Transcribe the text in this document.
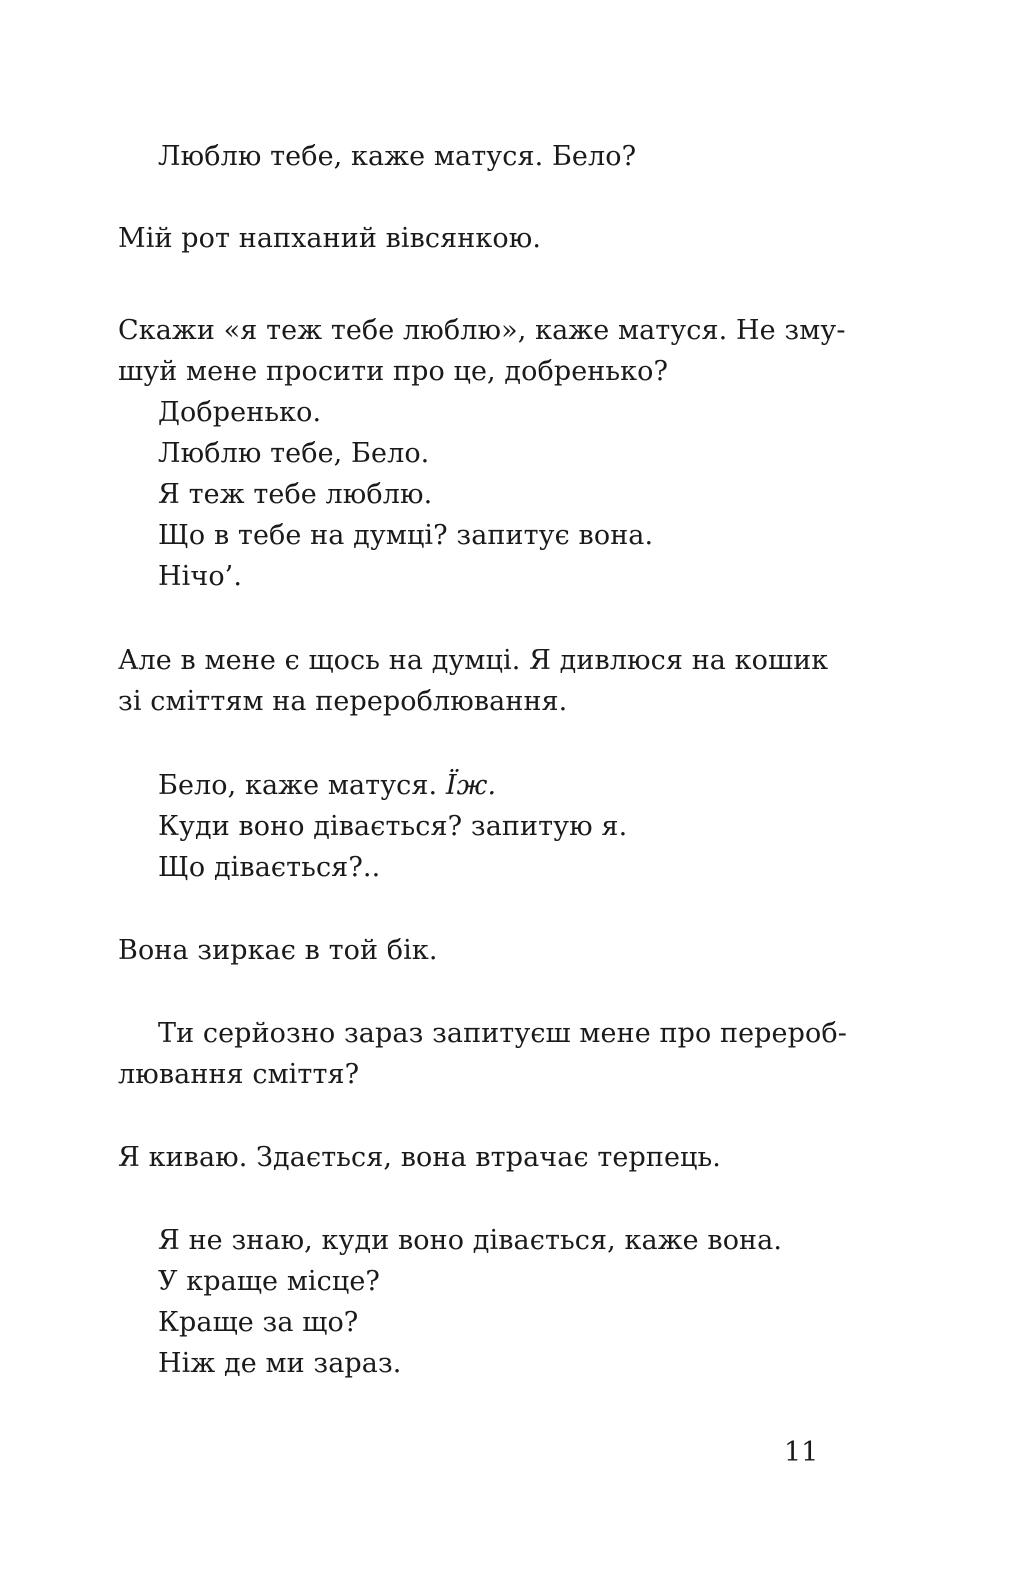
Люблю тебе, каже матуся. Бело?
Мій рот напханий вівсянкою.
Скажи «я теж тебе люблю», каже матуся. Не зму-
шуй мене просити про це, добренько?
Добренько.
Люблю тебе, Бело.
Я теж тебе люблю.
Що в тебе на думці? запитує вона.
Нічо’.
Але в мене є щось на думці. Я дивлюся на кошик
зі сміттям на перероблювання.
Бело, каже матуся. Їж.
Куди воно дівається? запитую я.
Що дівається?..
Вона зиркає в той бік.
Ти серйозно зараз запитуєш мене про перероб-
лювання сміття?
Я киваю. Здається, вона втрачає терпець.
Я не знаю, куди воно дівається, каже вона.
У краще місце?
Краще за що?
Ніж де ми зараз.
11
